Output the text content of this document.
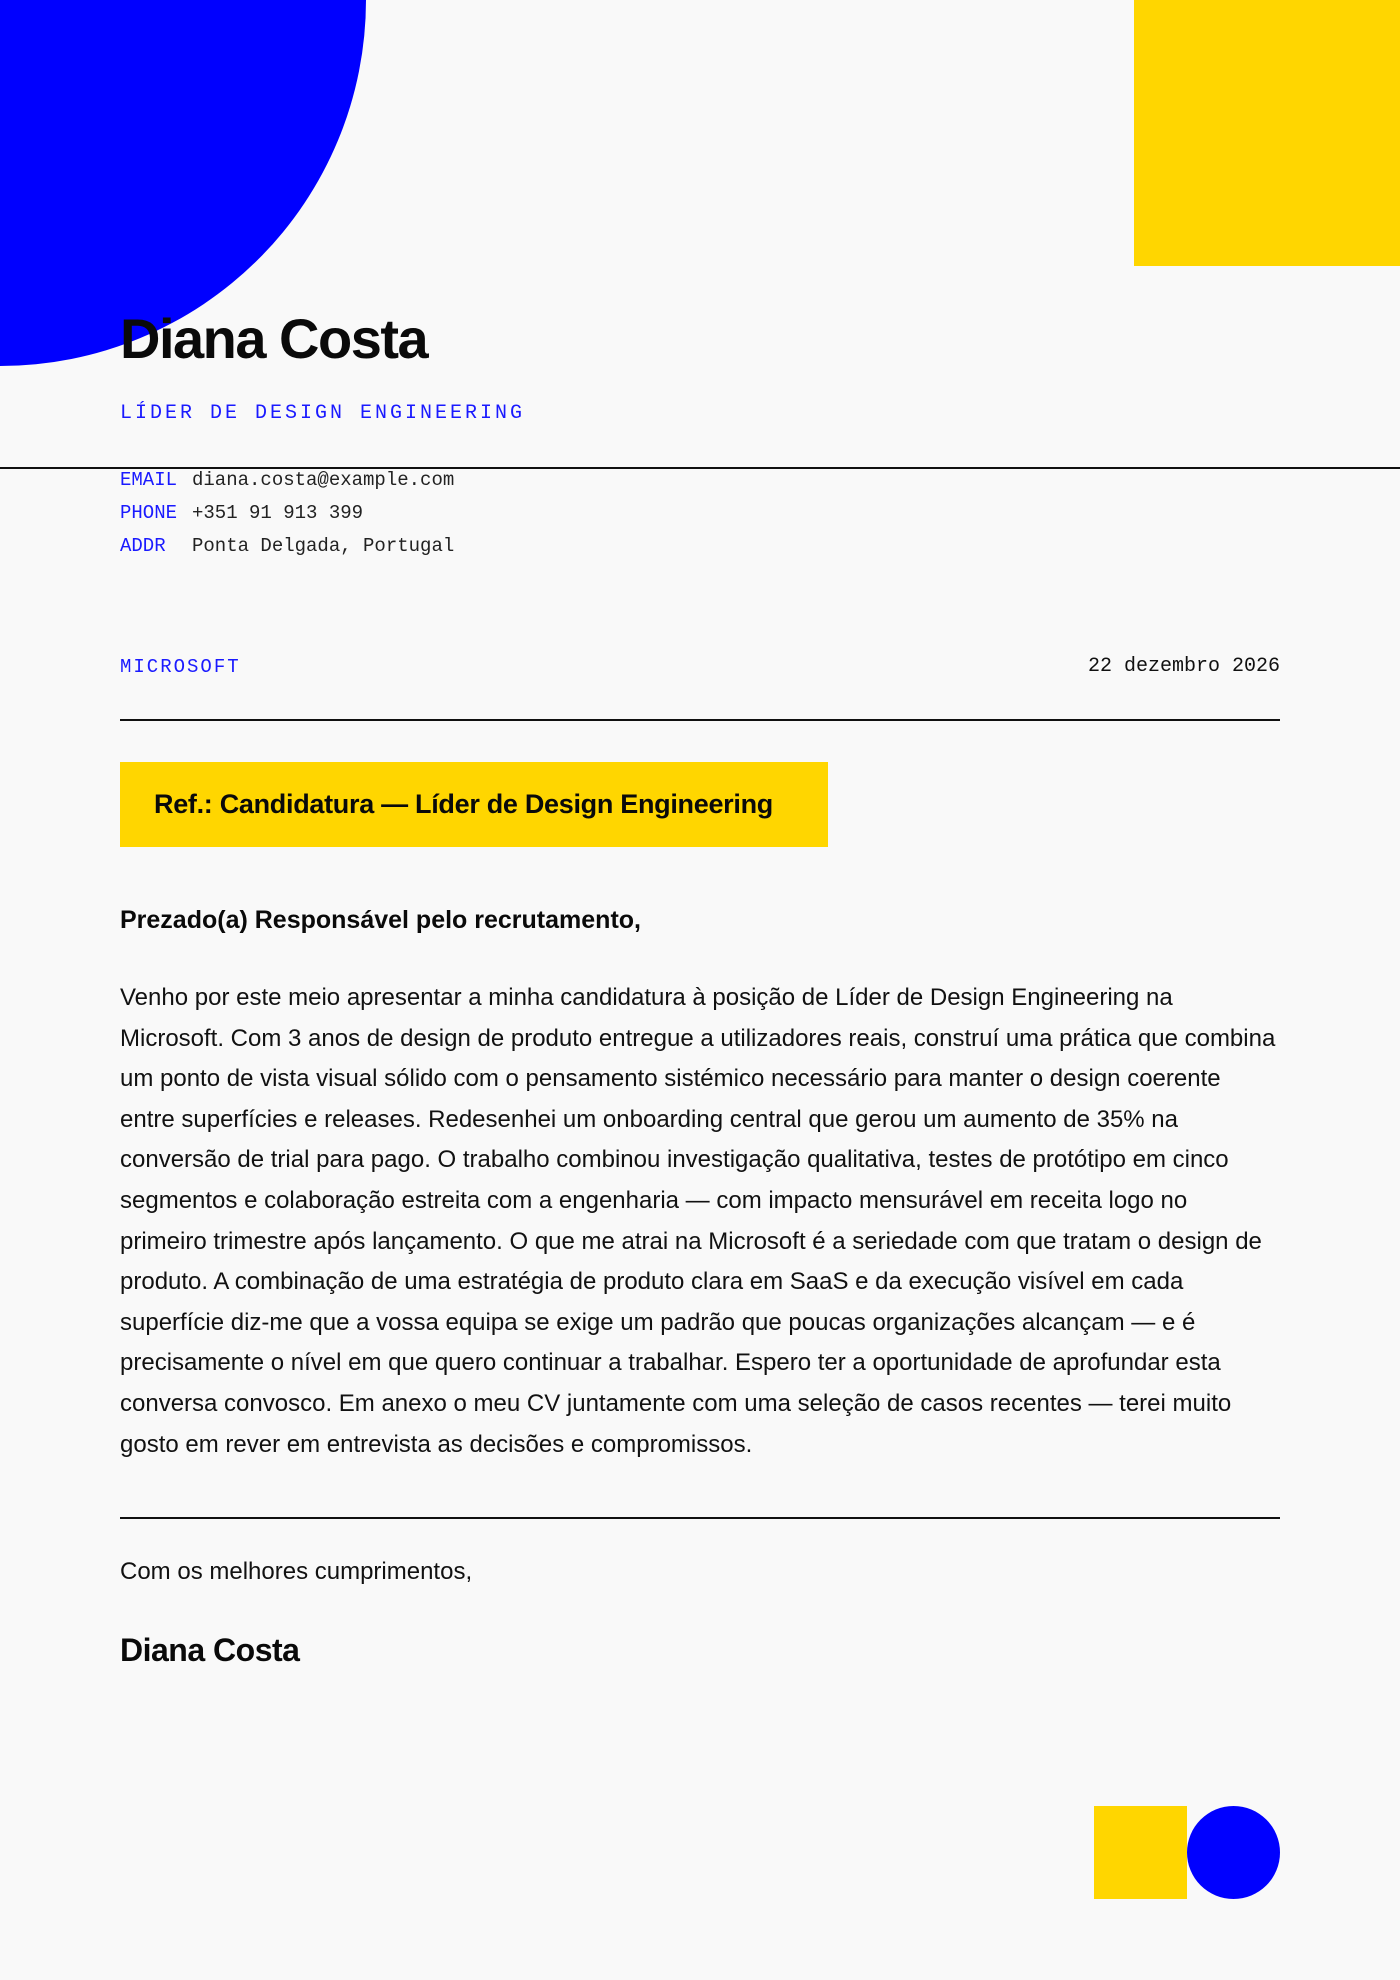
Diana Costa
LÍDER DE DESIGN ENGINEERING
EMAIL diana.costa@example.com
PHONE +351 91 913 399
ADDR	Ponta Delgada, Portugal
MICROSOFT	22 dezembro 2026
Ref.: Candidatura — Líder de Design Engineering

Prezado(a) Responsável pelo recrutamento,

Venho por este meio apresentar a minha candidatura à posição de Líder de Design Engineering na Microsoft. Com 3 anos de design de produto entregue a utilizadores reais, construí uma prática que combina um ponto de vista visual sólido com o pensamento sistémico necessário para manter o design coerente entre superfícies e releases. Redesenhei um onboarding central que gerou um aumento de 35% na conversão de trial para pago. O trabalho combinou investigação qualitativa, testes de protótipo em cinco segmentos e colaboração estreita com a engenharia — com impacto mensurável em receita logo no primeiro trimestre após lançamento. O que me atrai na Microsoft é a seriedade com que tratam o design de produto. A combinação de uma estratégia de produto clara em SaaS e da execução visível em cada superfície diz-me que a vossa equipa se exige um padrão que poucas organizações alcançam — e é precisamente o nível em que quero continuar a trabalhar. Espero ter a oportunidade de aprofundar esta conversa convosco. Em anexo o meu CV juntamente com uma seleção de casos recentes — terei muito gosto em rever em entrevista as decisões e compromissos.

Com os melhores cumprimentos,
Diana Costa
